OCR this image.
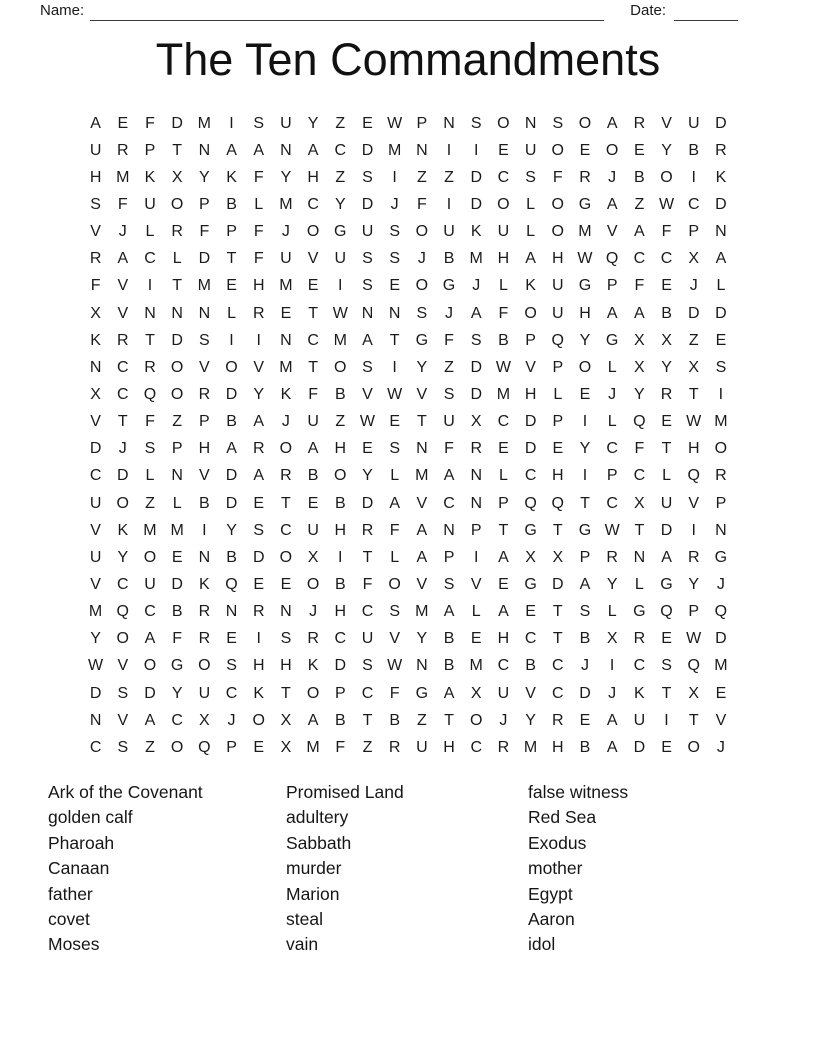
Name:	Date:
The Ten Commandments
A	E	F	D M	I	S	U	Y	Z	E W P	N	S O N	S O A	R	V	U D
U R	P	T	N	A	A	N	A	C D M N	I	I	E	U O E O E	Y	B	R
H M K	X	Y	K	F	Y	H	Z	S	I	Z	Z	D C	S	F	R	J	B O	I	K
S	F	U O P	B	L	M C	Y	D	J	F	I	D O	L	O G A	Z W C D
V	J	L	R	F	P	F	J	O G U	S O U	K	U	L	O M V	A	F	P	N
R	A	C	L	D	T	F	U	V	U	S	S	J	B M H	A	H W Q C C	X	A
F	V	I	T M E	H M E	I	S	E O G	J	L	K	U G P	F	E	J	L
X	V	N N N	L	R	E	T W N N	S	J	A	F	O U H	A	A	B	D D
K	R	T	D	S	I	I	N C M A	T	G	F	S	B	P Q Y G X	X	Z	E
N C R O V O V M T	O S	I	Y	Z	D W V	P O	L	X	Y	X	S
X	C Q O R D	Y	K	F	B	V W V	S	D M H	L	E	J	Y	R	T	I
V	T	F	Z	P	B	A	J	U	Z W E	T	U	X	C D	P	I	L	Q E W M
D	J	S	P	H	A	R O A	H	E	S	N	F	R	E	D	E	Y	C	F	T	H O
C D	L	N	V	D	A	R	B O Y	L	M A	N	L	C H	I	P	C	L	Q R
U O	Z	L	B	D	E	T	E	B	D	A	V	C N	P Q Q	T	C	X	U	V	P
V	K M M	I	Y	S	C U H R	F	A	N	P	T	G	T	G W T	D	I	N
U	Y O E	N	B	D O X	I	T	L	A	P	I	A	X	X	P	R N	A	R G
V	C U D	K Q E	E O B	F	O V	S	V	E G D	A	Y	L	G Y	J
M Q C	B	R N R N	J	H C	S M A	L	A	E	T	S	L	G Q P Q
Y O A	F	R	E	I	S	R C U	V	Y	B	E	H C	T	B	X	R	E W D
W V O G O S	H H	K	D	S W N	B M C	B	C	J	I	C	S Q M
D	S	D	Y	U C	K	T	O P	C	F	G A	X	U	V	C D	J	K	T	X	E
N	V	A	C	X	J	O X	A	B	T	B	Z	T	O	J	Y	R	E	A	U	I	T	V
C	S	Z	O Q P	E	X M F	Z	R U H C R M H	B	A	D	E O	J
Ark of the Covenant
golden calf
Pharoah
Canaan
father
covet
Moses
Promised Land
adultery
Sabbath
murder
Marion
steal
vain
false witness
Red Sea
Exodus
mother
Egypt
Aaron
idol
